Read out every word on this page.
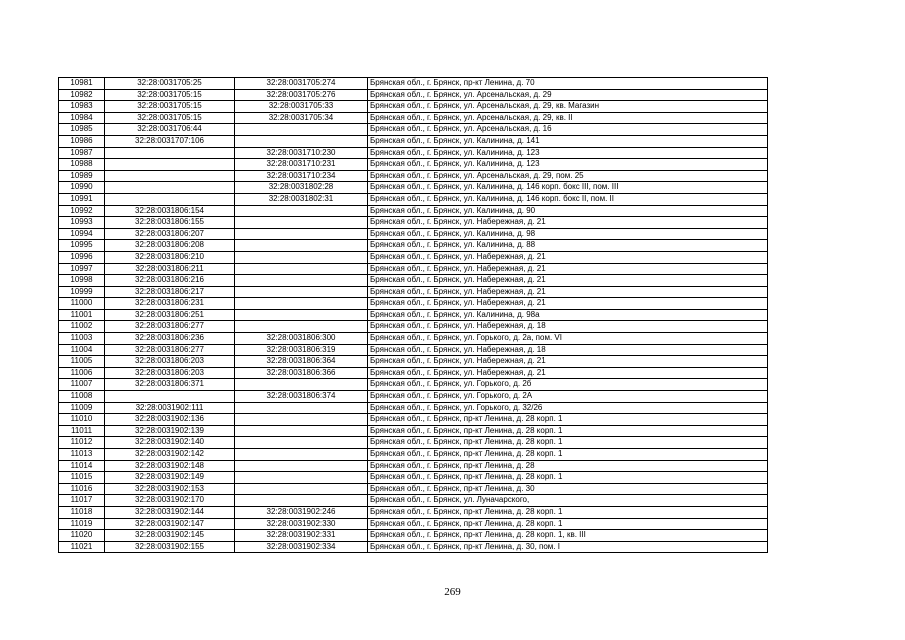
10981	32:28:0031705:25	32:28:0031705:274	Брянская обл., г. Брянск, пр-кт Ленина, д. 70
10982	32:28:0031705:15	32:28:0031705:276	Брянская обл., г. Брянск, ул. Арсенальская, д. 29
10983	32:28:0031705:15	32:28:0031705:33	Брянская обл., г. Брянск, ул. Арсенальская, д. 29, кв. Магазин
10984	32:28:0031705:15	32:28:0031705:34	Брянская обл., г. Брянск, ул. Арсенальская, д. 29, кв. II
10985	32:28:0031706:44		Брянская обл., г. Брянск, ул. Арсенальская, д. 16
10986	32:28:0031707:106		Брянская обл., г. Брянск, ул. Калинина, д. 141
10987		32:28:0031710:230	Брянская обл., г. Брянск, ул. Калинина, д. 123
10988		32:28:0031710:231	Брянская обл., г. Брянск, ул. Калинина, д. 123
10989		32:28:0031710:234	Брянская обл., г. Брянск, ул. Арсенальская, д. 29, пом. 25
10990		32:28:0031802:28	Брянская обл., г. Брянск, ул. Калинина, д. 146 корп. бокс III, пом. III
10991		32:28:0031802:31	Брянская обл., г. Брянск, ул. Калинина, д. 146 корп. бокс II, пом. II
10992	32:28:0031806:154		Брянская обл., г. Брянск, ул. Калинина, д. 90
10993	32:28:0031806:155		Брянская обл., г. Брянск, ул. Набережная, д. 21
10994	32:28:0031806:207		Брянская обл., г. Брянск, ул. Калинина, д. 98
10995	32:28:0031806:208		Брянская обл., г. Брянск, ул. Калинина, д. 88
10996	32:28:0031806:210		Брянская обл., г. Брянск, ул. Набережная, д. 21
10997	32:28:0031806:211		Брянская обл., г. Брянск, ул. Набережная, д. 21
10998	32:28:0031806:216		Брянская обл., г. Брянск, ул. Набережная, д. 21
10999	32:28:0031806:217		Брянская обл., г. Брянск, ул. Набережная, д. 21
11000	32:28:0031806:231		Брянская обл., г. Брянск, ул. Набережная, д. 21
11001	32:28:0031806:251		Брянская обл., г. Брянск, ул. Калинина, д. 98а
11002	32:28:0031806:277		Брянская обл., г. Брянск, ул. Набережная, д. 18
11003	32:28:0031806:236	32:28:0031806:300	Брянская обл., г. Брянск, ул. Горького, д. 2а, пом. VI
11004	32:28:0031806:277	32:28:0031806:319	Брянская обл., г. Брянск, ул. Набережная, д. 18
11005	32:28:0031806:203	32:28:0031806:364	Брянская обл., г. Брянск, ул. Набережная, д. 21
11006	32:28:0031806:203	32:28:0031806:366	Брянская обл., г. Брянск, ул. Набережная, д. 21
11007	32:28:0031806:371		Брянская обл., г. Брянск, ул. Горького, д. 2б
11008		32:28:0031806:374	Брянская обл., г. Брянск, ул. Горького, д. 2А
11009	32:28:0031902:111		Брянская обл., г. Брянск, ул. Горького, д. 32/26
11010	32:28:0031902:136		Брянская обл., г. Брянск, пр-кт Ленина, д. 28 корп. 1
11011	32:28:0031902:139		Брянская обл., г. Брянск, пр-кт Ленина, д. 28 корп. 1
11012	32:28:0031902:140		Брянская обл., г. Брянск, пр-кт Ленина, д. 28 корп. 1
11013	32:28:0031902:142		Брянская обл., г. Брянск, пр-кт Ленина, д. 28 корп. 1
11014	32:28:0031902:148		Брянская обл., г. Брянск, пр-кт Ленина, д. 28
11015	32:28:0031902:149		Брянская обл., г. Брянск, пр-кт Ленина, д. 28 корп. 1
11016	32:28:0031902:153		Брянская обл., г. Брянск, пр-кт Ленина, д. 30
11017	32:28:0031902:170		Брянская обл., г. Брянск, ул. Луначарского,
11018	32:28:0031902:144	32:28:0031902:246	Брянская обл., г. Брянск, пр-кт Ленина, д. 28 корп. 1
11019	32:28:0031902:147	32:28:0031902:330	Брянская обл., г. Брянск, пр-кт Ленина, д. 28 корп. 1
11020	32:28:0031902:145	32:28:0031902:331	Брянская обл., г. Брянск, пр-кт Ленина, д. 28 корп. 1, кв. III
11021	32:28:0031902:155	32:28:0031902:334	Брянская обл., г. Брянск, пр-кт Ленина, д. 30, пом. I
269
